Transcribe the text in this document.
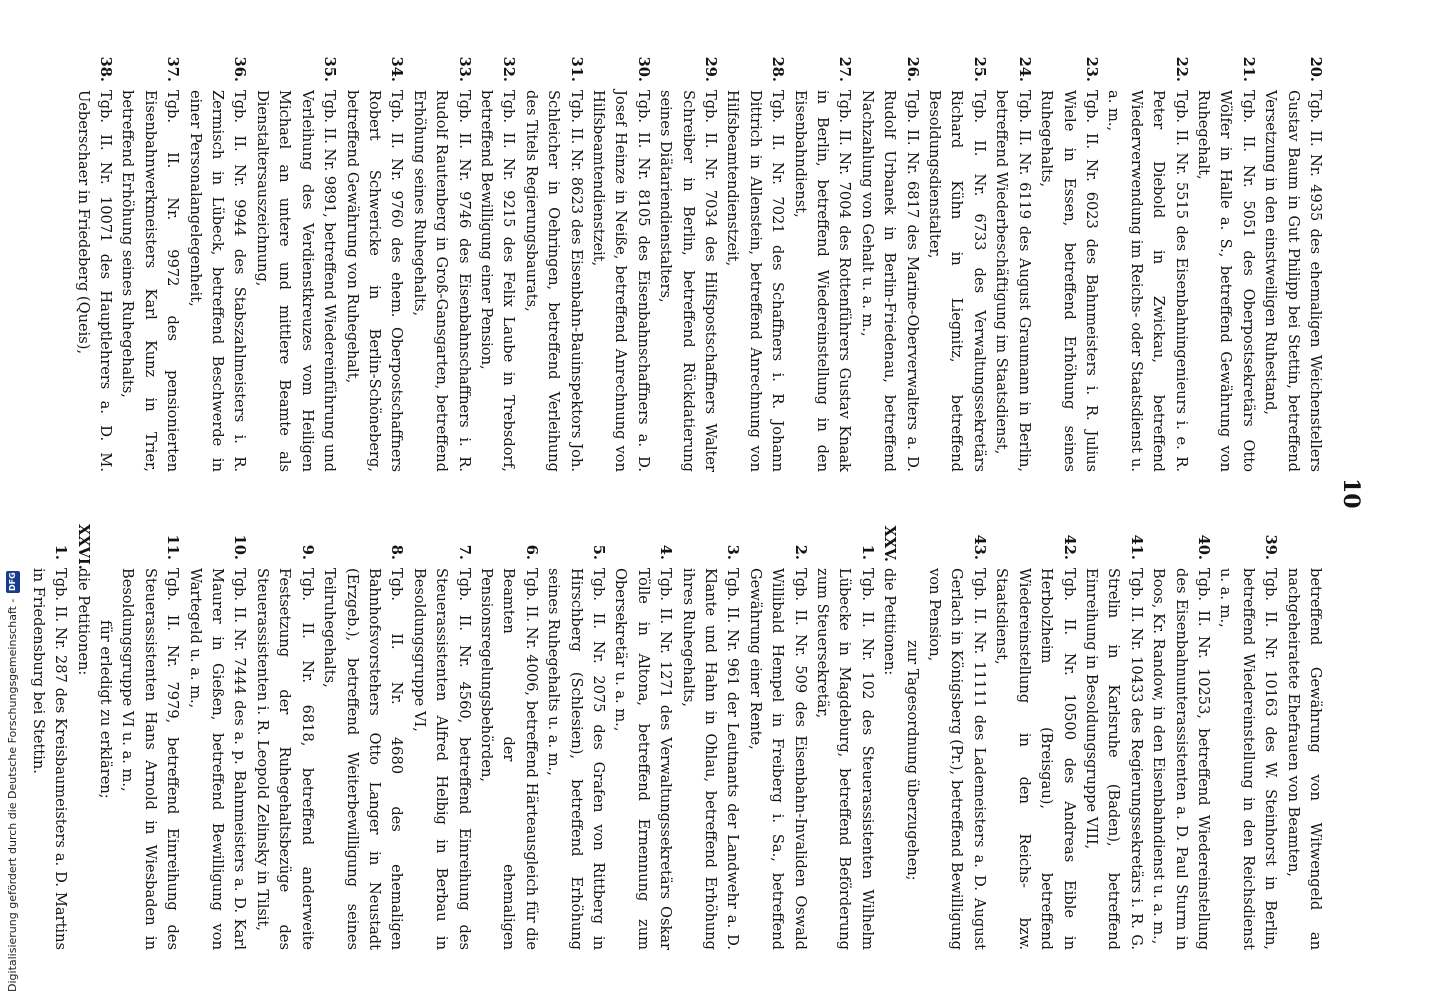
10
20.
Tgb. II. Nr. 4935 des ehemaligen Weichenstellers Gustav Baum in Gut Philipp bei Stettin, betreffend Versetzung in den einstweiligen Ruhestand,
21.
Tgb. II. Nr. 5051 des Oberpostsekretärs Otto Wölfer in Halle a. S., betreffend Gewährung von Ruhegehalt,
22.
Tgb. II. Nr. 5515 des Eisenbahningenieurs i. e. R. Peter Diebold in Zwickau, betreffend Wiederverwendung im Reichs- oder Staatsdienst u. a. m.,
23.
Tgb. II. Nr. 6023 des Bahnmeisters i. R. Julius Wiele in Essen, betreffend Erhöhung seines Ruhegehalts,
24.
Tgb. II. Nr. 6119 des August Graumann in Berlin, betreffend Wiederbeschäftigung im Staatsdienst,
25.
Tgb. II. Nr. 6733 des Verwaltungssekretärs Richard Kühn in Liegnitz, betreffend Besoldungsdienstalter,
26.
Tgb. II. Nr. 6817 des Marine-Oberverwalters a. D. Rudolf Urbanek in Berlin-Friedenau, betreffend Nachzahlung von Gehalt u. a. m.,
27.
Tgb. II. Nr. 7004 des Rottenführers Gustav Knaak in Berlin, betreffend Wiedereinstellung in den Eisenbahndienst,
28.
Tgb. II. Nr. 7021 des Schaffners i. R. Johann Dittrich in Allenstein, betreffend Anrechnung von Hilfsbeamtendienstzeit,
29.
Tgb. II. Nr. 7034 des Hilfspostschaffners Walter Schreiber in Berlin, betreffend Rückdatierung seines Diätariendienstalters,
30.
Tgb. II. Nr. 8105 des Eisenbahnschaffners a. D. Josef Heinze in Neiße, betreffend Anrechnung von Hilfsbeamtendienstzeit,
31.
Tgb. II. Nr. 8623 des Eisenbahn-Bauinspektors Joh. Schleicher in Oehringen, betreffend Verleihung des Titels Regierungsbaurats,
32.
Tgb. II. Nr. 9215 des Felix Laube in Trebsdorf, betreffend Bewilligung einer Pension,
33.
Tgb. II. Nr. 9746 des Eisenbahnschaffners i. R. Rudolf Rautenberg in Groß-Gansgarten, betreffend Erhöhung seines Ruhegehalts,
34.
Tgb. II. Nr. 9760 des ehem. Oberpostschaffners Robert Schwericke in Berlin-Schöneberg, betreffend Gewährung von Ruhegehalt,
35.
Tgb. II. Nr. 9891, betreffend Wiedereinführung und Verleihung des Verdienstkreuzes vom Heiligen Michael an untere und mittlere Beamte als Dienstaltersauszeichnung,
36.
Tgb. II. Nr. 9944 des Stabszahlmeisters i. R. Zermisch in Lübeck, betreffend Beschwerde in einer Personalangelegenheit,
37.
Tgb. II. Nr. 9972 des pensionierten Eisenbahnwerkmeisters Karl Kunz in Trier, betreffend Erhöhung seines Ruhegehalts,
38.
Tgb. II. Nr. 10071 des Hauptlehrers a. D. M. Ueberschaer in Friedeberg (Queis),
betreffend Gewährung von Witwengeld an nachgeheiratete Ehefrauen von Beamten,
39.
Tgb. II. Nr. 10163 des W. Steinhorst in Berlin, betreffend Wiedereinstellung in den Reichsdienst u. a. m.,
40.
Tgb. II. Nr. 10253, betreffend Wiedereinstellung des Eisenbahnunterassistenten a. D. Paul Sturm in Boos, Kr. Randow, in den Eisenbahndienst u. a. m.,
41.
Tgb. II. Nr. 10433 des Regierungssekretärs i. R. G. Strelin in Karlsruhe (Baden), betreffend Einreihung in Besoldungsgruppe VIII,
42.
Tgb. II. Nr. 10500 des Andreas Eible in Herbolzheim (Breisgau), betreffend Wiedereinstellung in den Reichs- bzw. Staatsdienst,
43.
Tgb. II. Nr. 11111 des Lademeisters a. D. August Gerlach in Königsberg (Pr.), betreffend Bewilligung von Pension,
zur Tagesordnung überzugehen;
XXV.
die Petitionen:
1.
Tgb. II. Nr. 102 des Steuerassistenten Wilhelm Lübecke in Magdeburg, betreffend Beförderung zum Steuersekretär,
2.
Tgb. II. Nr. 509 des Eisenbahn-Invaliden Oswald Willibald Hempel in Freiberg i. Sa., betreffend Gewährung einer Rente,
3.
Tgb. II. Nr. 961 der Leutnants der Landwehr a. D. Klante und Hahn in Ohlau, betreffend Erhöhung ihres Ruhegehalts,
4.
Tgb. II. Nr. 1271 des Verwaltungssekretärs Oskar Tölle in Altona, betreffend Ernennung zum Obersekretär u. a. m.,
5.
Tgb. II. Nr. 2075 des Grafen von Rittberg in Hirschberg (Schlesien), betreffend Erhöhung seines Ruhegehalts u. a. m.,
6.
Tgb. II. Nr. 4006, betreffend Härteausgleich für die Beamten der ehemaligen Pensionsregelungsbehörden,
7.
Tgb. II. Nr. 4560, betreffend Einreihung des Steuerassistenten Alfred Helbig in Berbau in Besoldungsgruppe VI,
8.
Tgb. II. Nr. 4680 des ehemaligen Bahnhofsvorstehers Otto Langer in Neustadt (Erzgeb.), betreffend Weiterbewilligung seines Teilruhegehalts,
9.
Tgb. II. Nr. 6818, betreffend anderweite Festsetzung der Ruhegehaltsbezüge des Steuerassistenten i. R. Leopold Zelinsky in Tilsit,
10.
Tgb. II. Nr. 7444 des a. p. Bahnmeisters a. D. Karl Maurer in Gießen, betreffend Bewilligung von Wartegeld u. a. m.,
11.
Tgb. II. Nr. 7979, betreffend Einreihung des Steuerassistenten Hans Arnold in Wiesbaden in Besoldungsgruppe VI u. a. m.,
für erledigt zu erklären;
XXVI.
die Petitionen:
1.
Tgb. II. Nr. 287 des Kreisbaumeisters a. D. Martins in Friedensburg bei Stettin.
Digitalisierung gefördert durch die Deutsche Forschungsgemeinschaft -
DFG
